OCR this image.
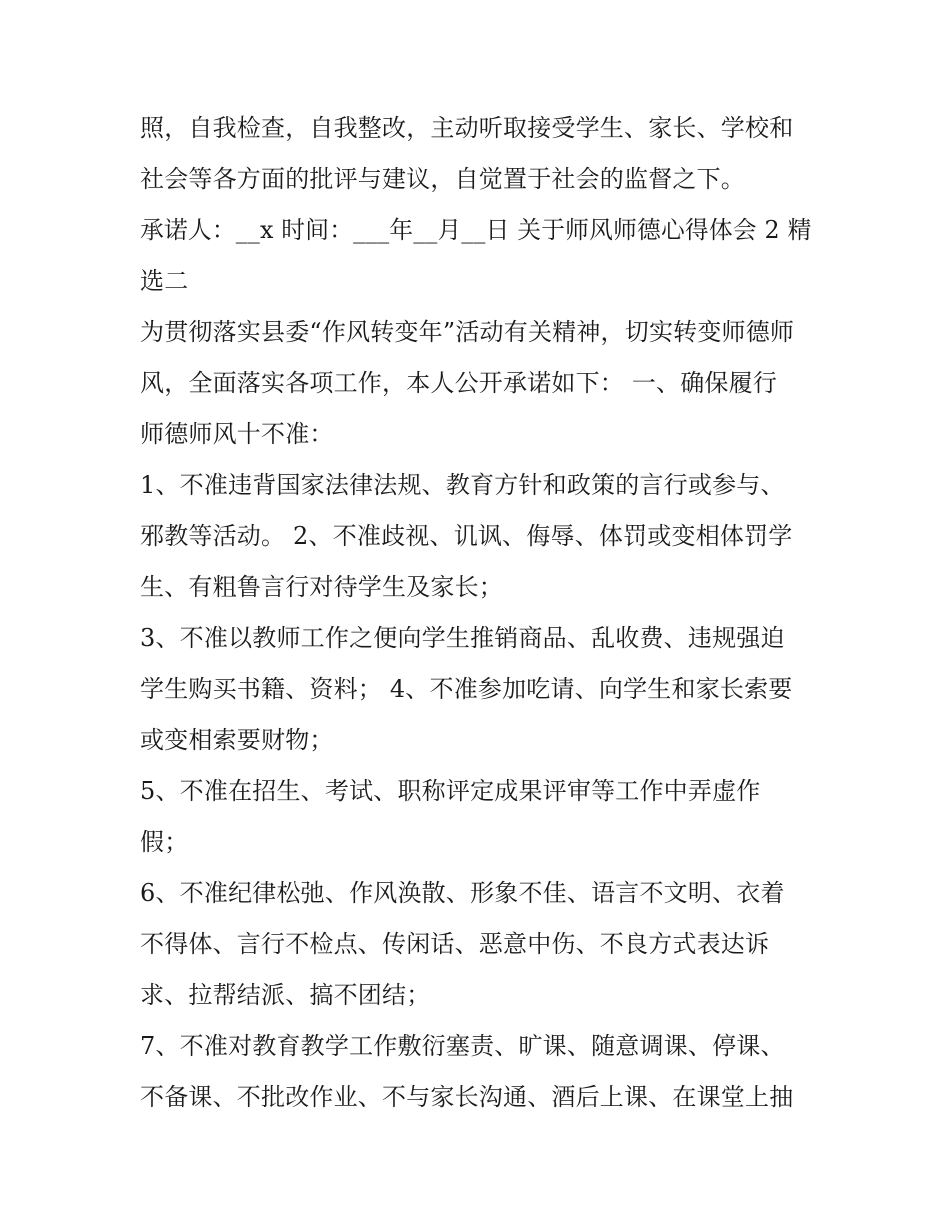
照，自我检查，自我整改，主动听取接受学生、家长、学校和
社会等各方面的批评与建议，自觉置于社会的监督之下。
承诺人：__x 时间：___年__月__日 关于师风师德心得体会 2 精
选二
为贯彻落实县委“作风转变年”活动有关精神，切实转变师德师
风，全面落实各项工作，本人公开承诺如下： 一、确保履行
师德师风十不准：
1、不准违背国家法律法规、教育方针和政策的言行或参与、
邪教等活动。 2、不准歧视、讥讽、侮辱、体罚或变相体罚学
生、有粗鲁言行对待学生及家长；
3、不准以教师工作之便向学生推销商品、乱收费、违规强迫
学生购买书籍、资料； 4、不准参加吃请、向学生和家长索要
或变相索要财物；
5、不准在招生、考试、职称评定成果评审等工作中弄虚作
假；
6、不准纪律松弛、作风涣散、形象不佳、语言不文明、衣着
不得体、言行不检点、传闲话、恶意中伤、不良方式表达诉
求、拉帮结派、搞不团结；
7、不准对教育教学工作敷衍塞责、旷课、随意调课、停课、
不备课、不批改作业、不与家长沟通、酒后上课、在课堂上抽
